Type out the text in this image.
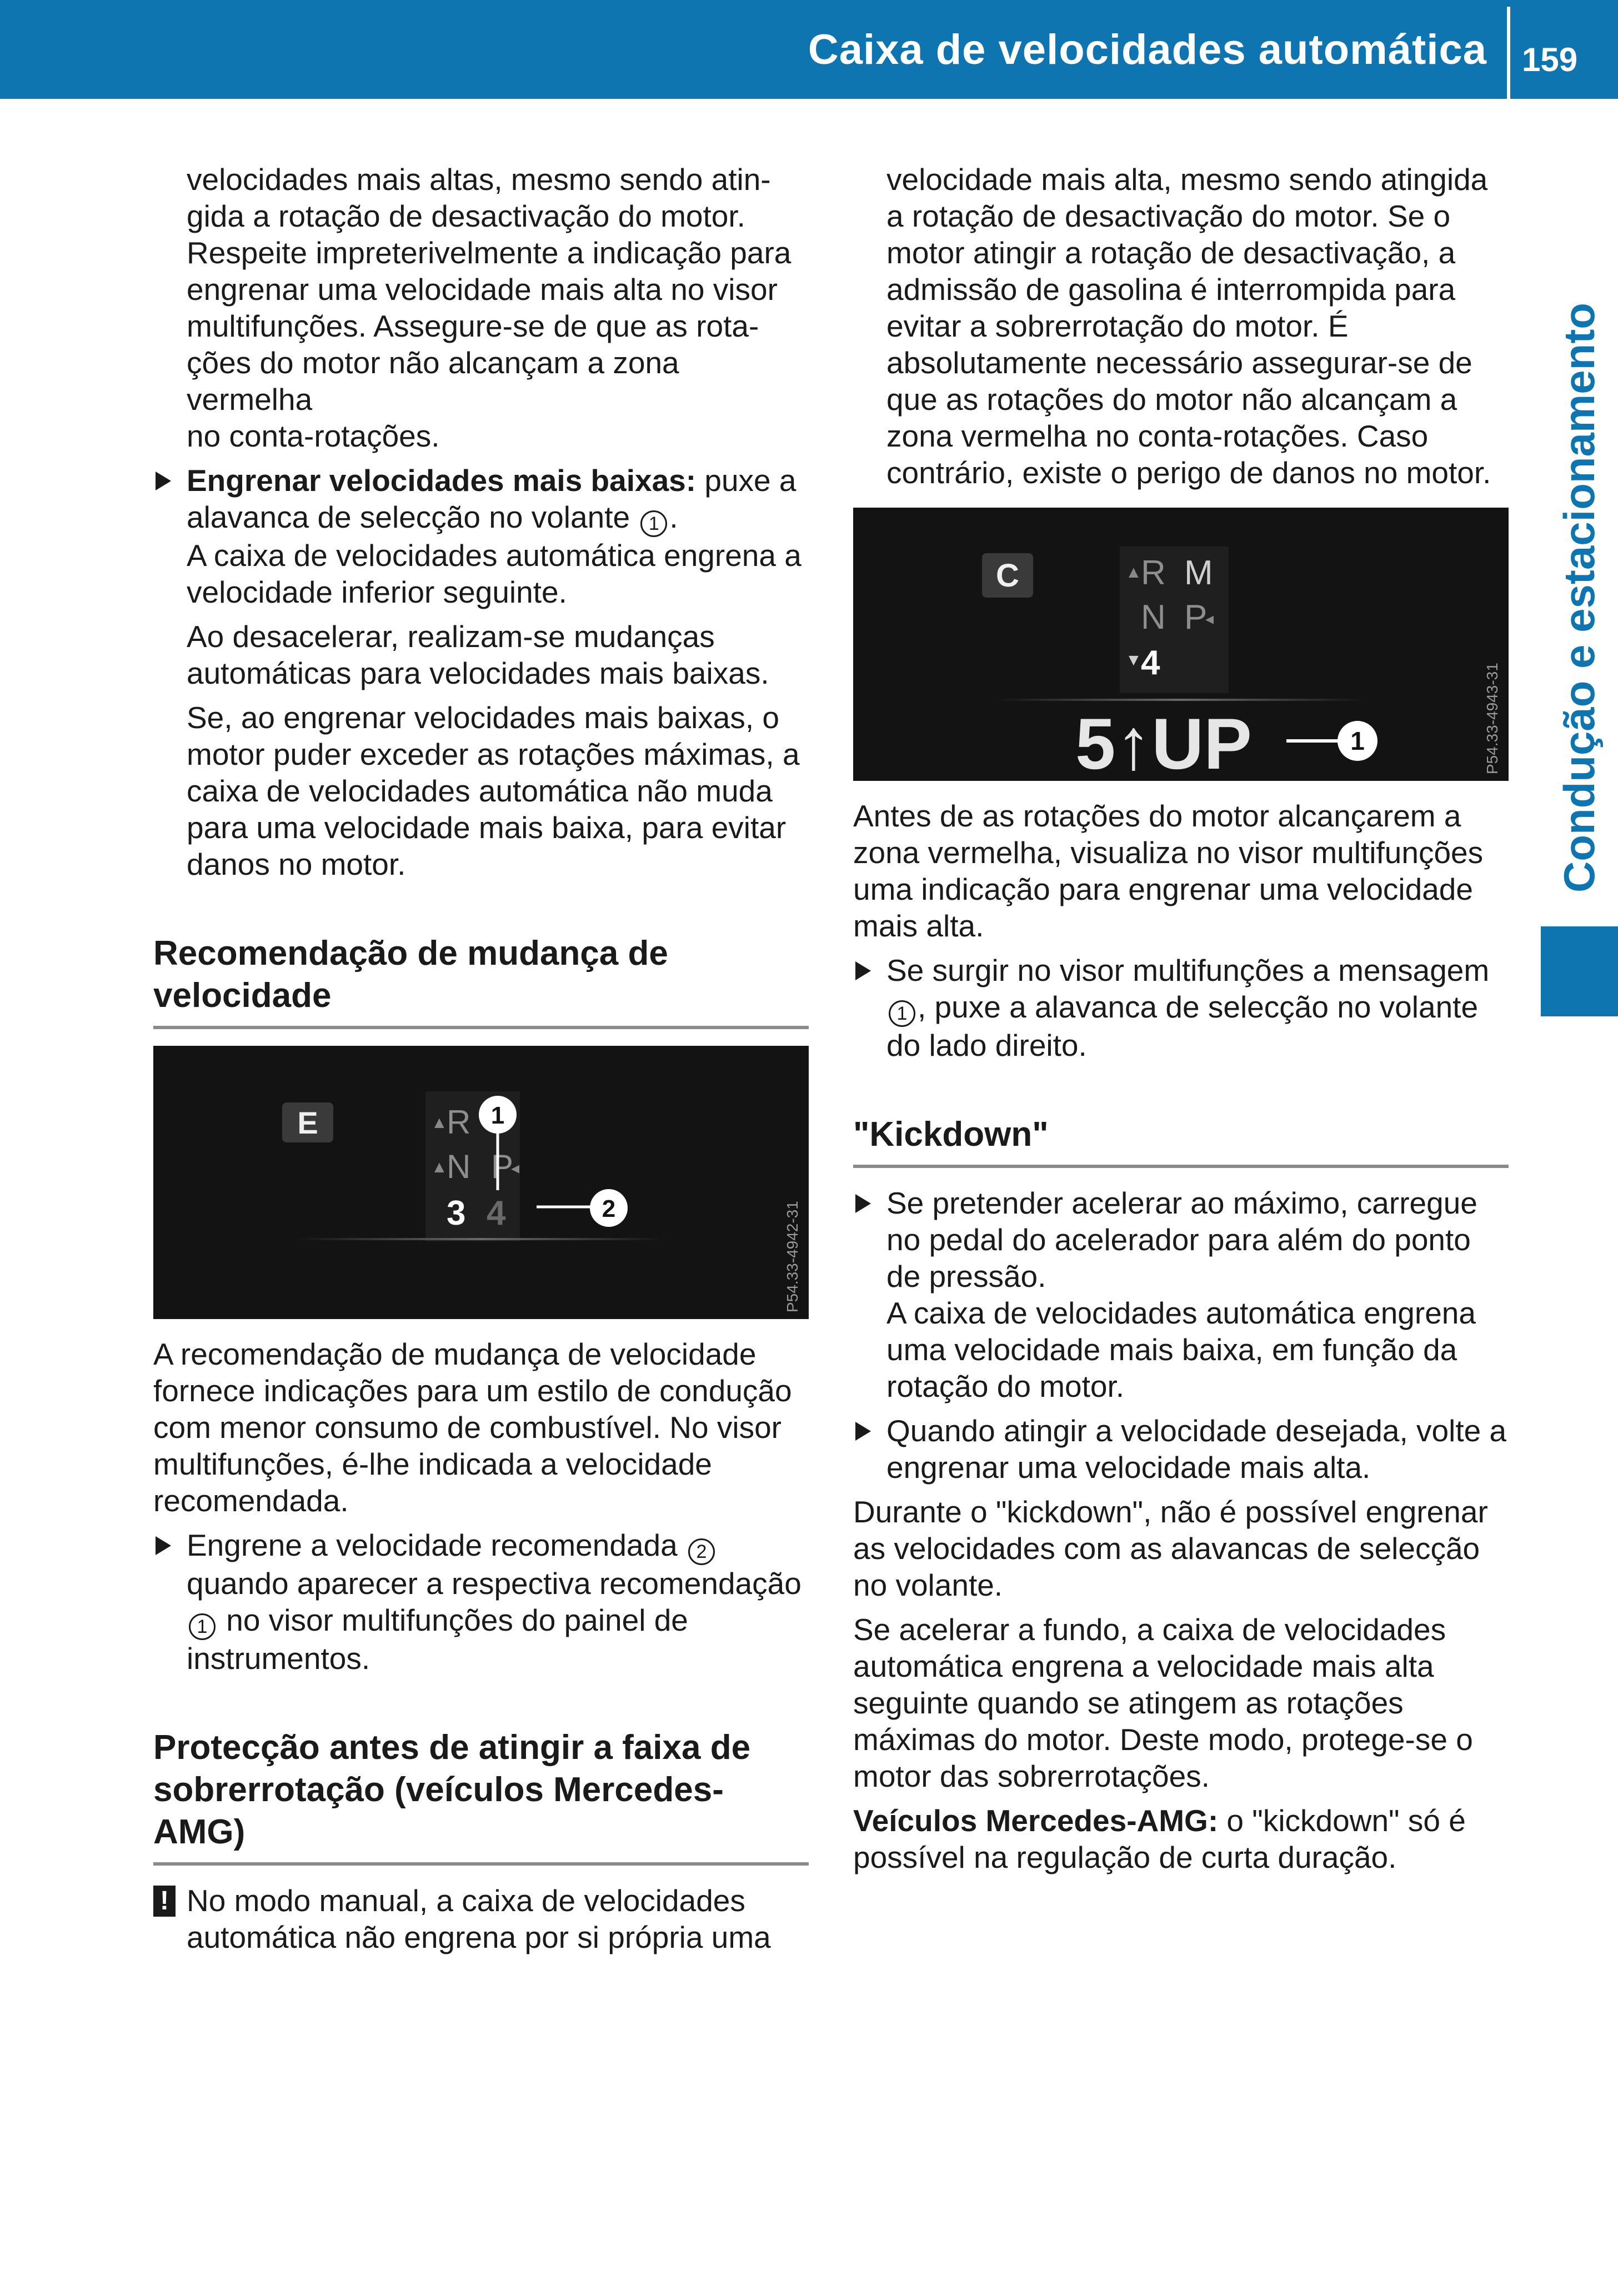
Caixa de velocidades automática 159
Condução e estacionamento
velocidades mais altas, mesmo sendo atin-
gida a rotação de desactivação do motor.
Respeite impreterivelmente a indicação para
engrenar uma velocidade mais alta no visor
multifunções. Assegure-se de que as rota-
ções do motor não alcançam a zona vermelha
no conta-rotações.
Engrenar velocidades mais baixas: puxe a alavanca de selecção no volante 1 .

A caixa de velocidades automática engrena a velocidade inferior seguinte.

Ao desacelerar, realizam-se mudanças automáticas para velocidades mais baixas.

Se, ao engrenar velocidades mais baixas, o motor puder exceder as rotações máximas, a caixa de velocidades automática não muda para uma velocidade mais baixa, para evitar danos no motor.

Recomendação de mudança de velocidade
E	▲
R
▲
N P
◂
3 4
1
2	P54.33-4942-31

A recomendação de mudança de velocidade fornece indicações para um estilo de condução com menor consumo de combustível. No visor multifunções, é-lhe indicada a velocidade recomendada.

Engrene a velocidade recomendada 2 quando aparecer a respectiva recomendação 1 no visor multifunções do painel de instrumentos.
Protecção antes de atingir a faixa de sobrerrotação (veículos Mercedes-AMG)
! No modo manual, a caixa de velocidades automática não engrena por si própria uma

velocidade mais alta, mesmo sendo atingida a rotação de desactivação do motor. Se o motor atingir a rotação de desactivação, a admissão de gasolina é interrompida para evitar a sobrerrotação do motor. É absolutamente necessário assegurar-se de que as rotações do motor não alcançam a zona vermelha no conta-rotações. Caso contrário, existe o perigo de danos no motor.

C	▲
R M
N P
◂
▼
4
5↑UP	1	P54.33-4943-31

Antes de as rotações do motor alcançarem a zona vermelha, visualiza no visor multifunções uma indicação para engrenar uma velocidade mais alta.

Se surgir no visor multifunções a mensagem 1 , puxe a alavanca de selecção no volante do lado direito.
"Kickdown"

Se pretender acelerar ao máximo, carregue no pedal do acelerador para além do ponto de pressão.

A caixa de velocidades automática engrena uma velocidade mais baixa, em função da rotação do motor.

Quando atingir a velocidade desejada, volte a engrenar uma velocidade mais alta.

Durante o "kickdown", não é possível engrenar as velocidades com as alavancas de selecção no volante.

Se acelerar a fundo, a caixa de velocidades automática engrena a velocidade mais alta seguinte quando se atingem as rotações máximas do motor. Deste modo, protege-se o motor das sobrerrotações.

Veículos Mercedes-AMG: o "kickdown" só é possível na regulação de curta duração.
